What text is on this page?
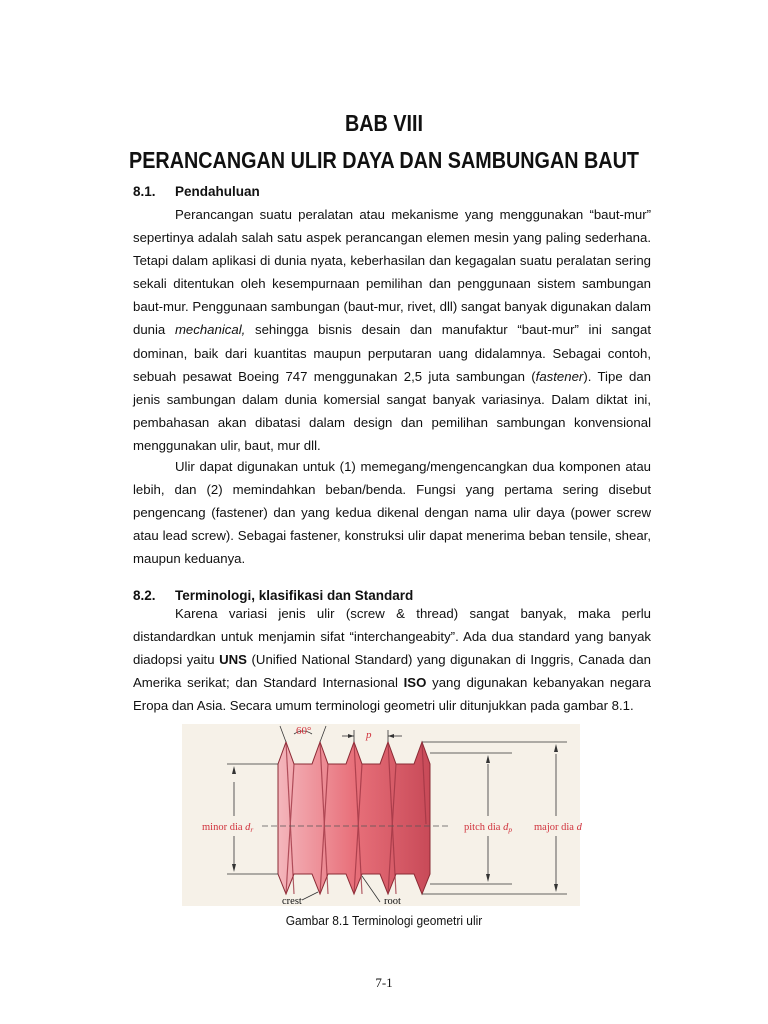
BAB VIII
PERANCANGAN ULIR DAYA DAN SAMBUNGAN BAUT
8.1. Pendahuluan

Perancangan suatu peralatan atau mekanisme yang menggunakan “baut-mur” sepertinya adalah salah satu aspek perancangan elemen mesin yang paling sederhana. Tetapi dalam aplikasi di dunia nyata, keberhasilan dan kegagalan suatu peralatan sering sekali ditentukan oleh kesempurnaan pemilihan dan penggunaan sistem sambungan baut-mur. Penggunaan sambungan (baut-mur, rivet, dll) sangat banyak digunakan dalam dunia mechanical, sehingga bisnis desain dan manufaktur “baut-mur” ini sangat dominan, baik dari kuantitas maupun perputaran uang didalamnya. Sebagai contoh, sebuah pesawat Boeing 747 menggunakan 2,5 juta sambungan (fastener). Tipe dan jenis sambungan dalam dunia komersial sangat banyak variasinya. Dalam diktat ini, pembahasan akan dibatasi dalam design dan pemilihan sambungan konvensional menggunakan ulir, baut, mur dll.

Ulir dapat digunakan untuk (1) memegang/mengencangkan dua komponen atau lebih, dan (2) memindahkan beban/benda. Fungsi yang pertama sering disebut pengencang (fastener) dan yang kedua dikenal dengan nama ulir daya (power screw atau lead screw). Sebagai fastener, konstruksi ulir dapat menerima beban tensile, shear, maupun keduanya.

8.2. Terminologi, klasifikasi dan Standard

Karena variasi jenis ulir (screw & thread) sangat banyak, maka perlu distandardkan untuk menjamin sifat “interchangeabity”. Ada dua standard yang banyak diadopsi yaitu UNS (Unified National Standard) yang digunakan di Inggris, Canada dan Amerika serikat; dan Standard Internasional ISO yang digunakan kebanyakan negara Eropa dan Asia. Secara umum terminologi geometri ulir ditunjukkan pada gambar 8.1.

60°	p
minor dia dr	pitch dia dp major dia d
crest	root
Gambar 8.1 Terminologi geometri ulir
7-1
